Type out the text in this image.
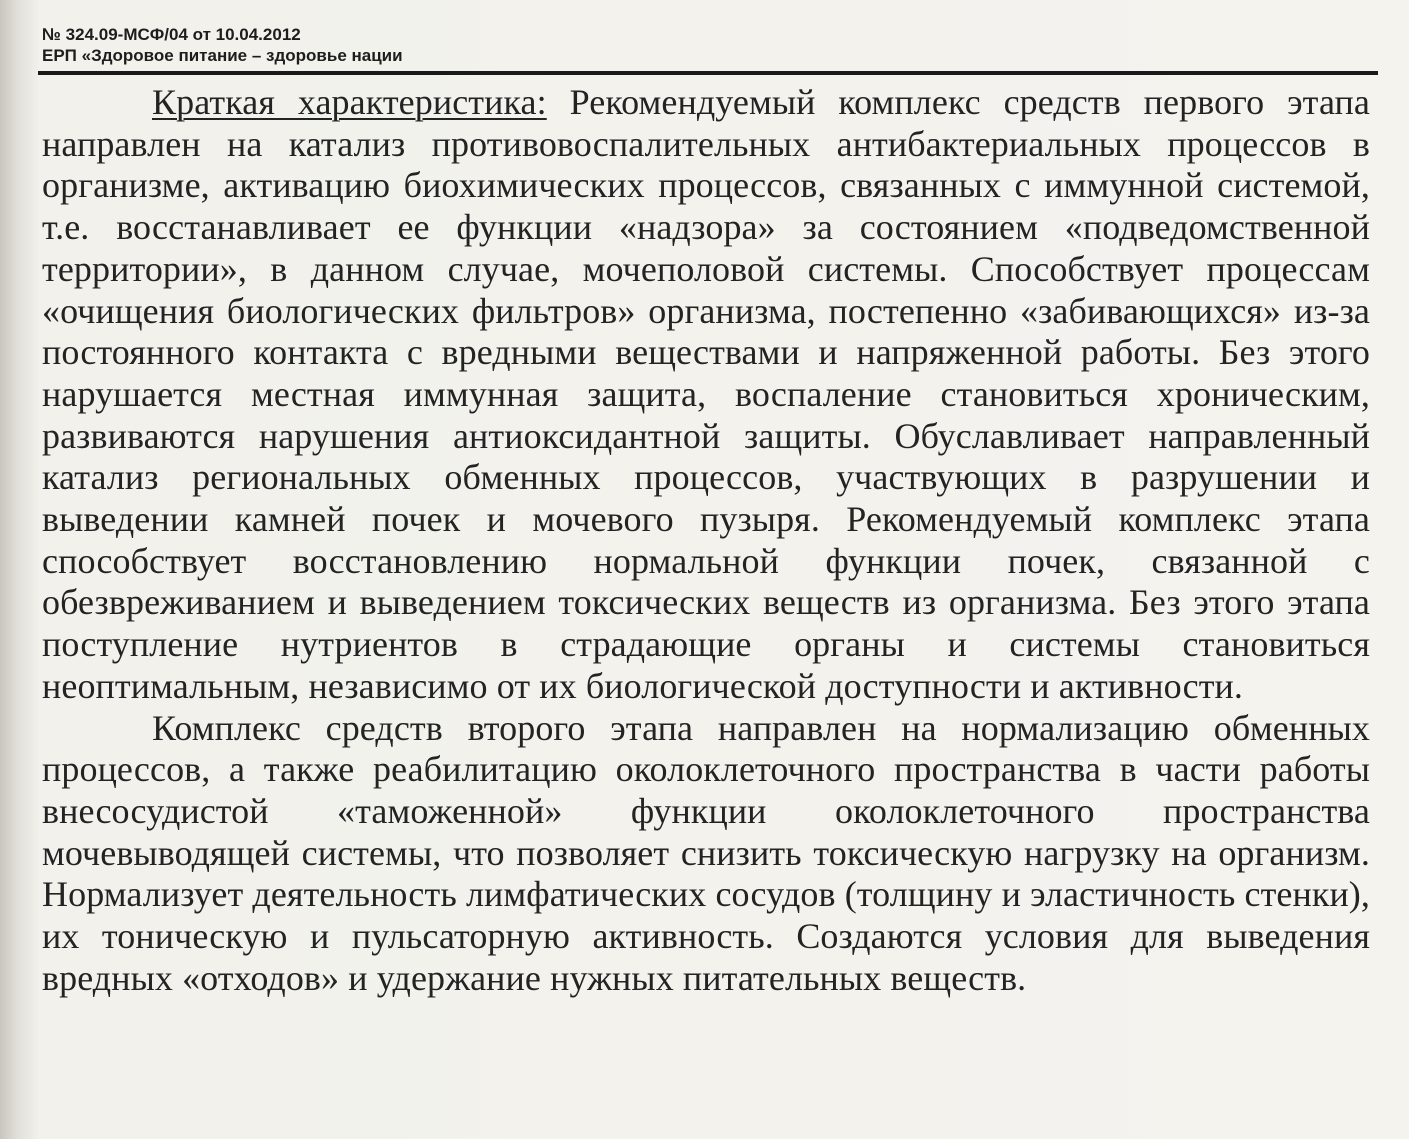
№ 324.09-МСФ/04 от 10.04.2012
ЕРП «Здоровое питание – здоровье нации

Краткая характеристика: Рекомендуемый комплекс средств первого этапа направлен на катализ противовоспалительных антибактериальных процессов в организме, активацию биохимических процессов, связанных с иммунной системой, т.е. восстанавливает ее функции «надзора» за состоянием «подведомственной территории», в данном случае, мочеполовой системы. Способствует процессам «очищения биологических фильтров» организма, постепенно «забивающихся» из-за постоянного контакта с вредными веществами и напряженной работы. Без этого нарушается местная иммунная защита, воспаление становиться хроническим, развиваются нарушения антиоксидантной защиты. Обуславливает направленный катализ региональных обменных процессов, участвующих в разрушении и выведении камней почек и мочевого пузыря. Рекомендуемый комплекс этапа способствует восстановлению нормальной функции почек, связанной с обезвреживанием и выведением токсических веществ из организма. Без этого этапа поступление нутриентов в страдающие органы и системы становиться неоптимальным, независимо от их биологической доступности и активности.

Комплекс средств второго этапа направлен на нормализацию обменных процессов, а также реабилитацию околоклеточного пространства в части работы внесосудистой «таможенной» функции околоклеточного пространства мочевыводящей системы, что позволяет снизить токсическую нагрузку на организм. Нормализует деятельность лимфатических сосудов (толщину и эластичность стенки), их тоническую и пульсаторную активность. Создаются условия для выведения вредных «отходов» и удержание нужных питательных веществ.
